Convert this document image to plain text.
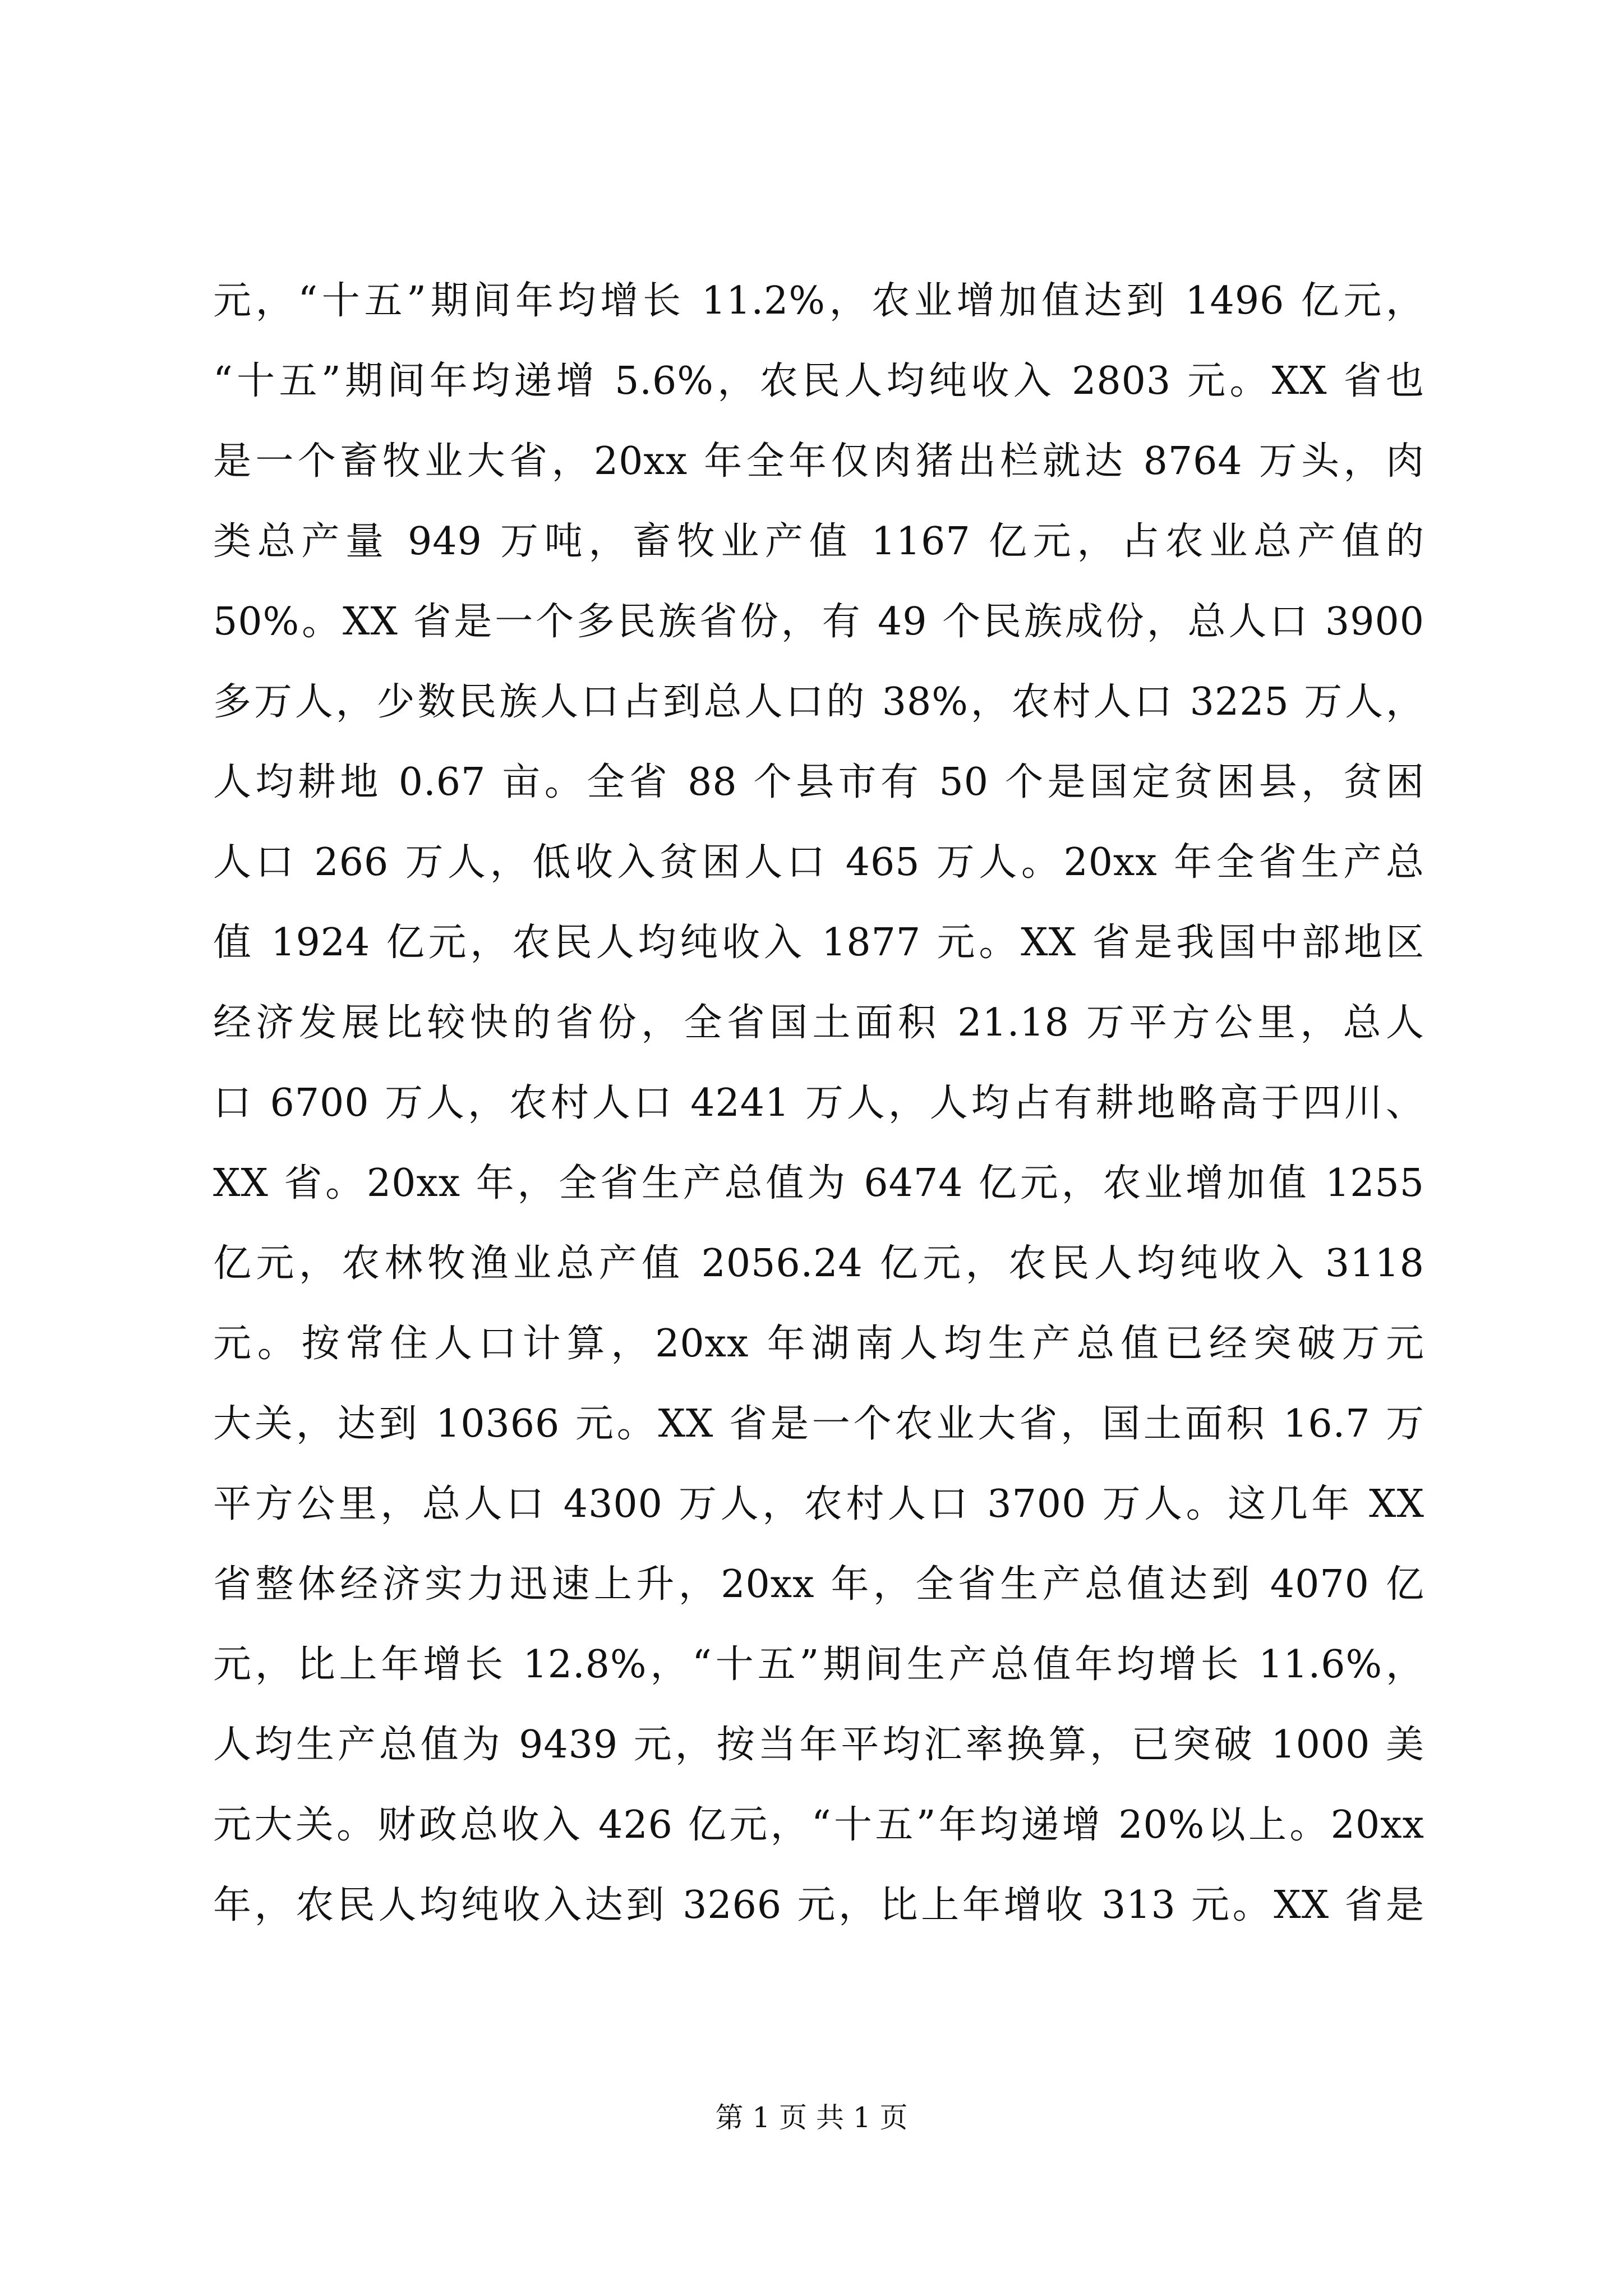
元，“十五”期间年均增长 11.2%，农业增加值达到 1496 亿元，
“十五”期间年均递增 5.6%，农民人均纯收入 2803 元。XX 省也
是一个畜牧业大省，20xx 年全年仅肉猪出栏就达 8764 万头，肉
类总产量 949 万吨，畜牧业产值 1167 亿元，占农业总产值的
50%。XX 省是一个多民族省份，有 49 个民族成份，总人口 3900
多万人，少数民族人口占到总人口的 38%，农村人口 3225 万人，
人均耕地 0.67 亩。全省 88 个县市有 50 个是国定贫困县，贫困
人口 266 万人，低收入贫困人口 465 万人。20xx 年全省生产总
值 1924 亿元，农民人均纯收入 1877 元。XX 省是我国中部地区
经济发展比较快的省份，全省国土面积 21.18 万平方公里，总人
口 6700 万人，农村人口 4241 万人，人均占有耕地略高于四川、
XX 省。20xx 年，全省生产总值为 6474 亿元，农业增加值 1255
亿元，农林牧渔业总产值 2056.24 亿元，农民人均纯收入 3118
元。按常住人口计算，20xx 年湖南人均生产总值已经突破万元
大关，达到 10366 元。XX 省是一个农业大省，国土面积 16.7 万
平方公里，总人口 4300 万人，农村人口 3700 万人。这几年 XX
省整体经济实力迅速上升，20xx 年，全省生产总值达到 4070 亿
元，比上年增长 12.8%，“十五”期间生产总值年均增长 11.6%，
人均生产总值为 9439 元，按当年平均汇率换算，已突破 1000 美
元大关。财政总收入 426 亿元，“十五”年均递增 20%以上。20xx
年，农民人均纯收入达到 3266 元，比上年增收 313 元。XX 省是
第 1 页 共 1 页
